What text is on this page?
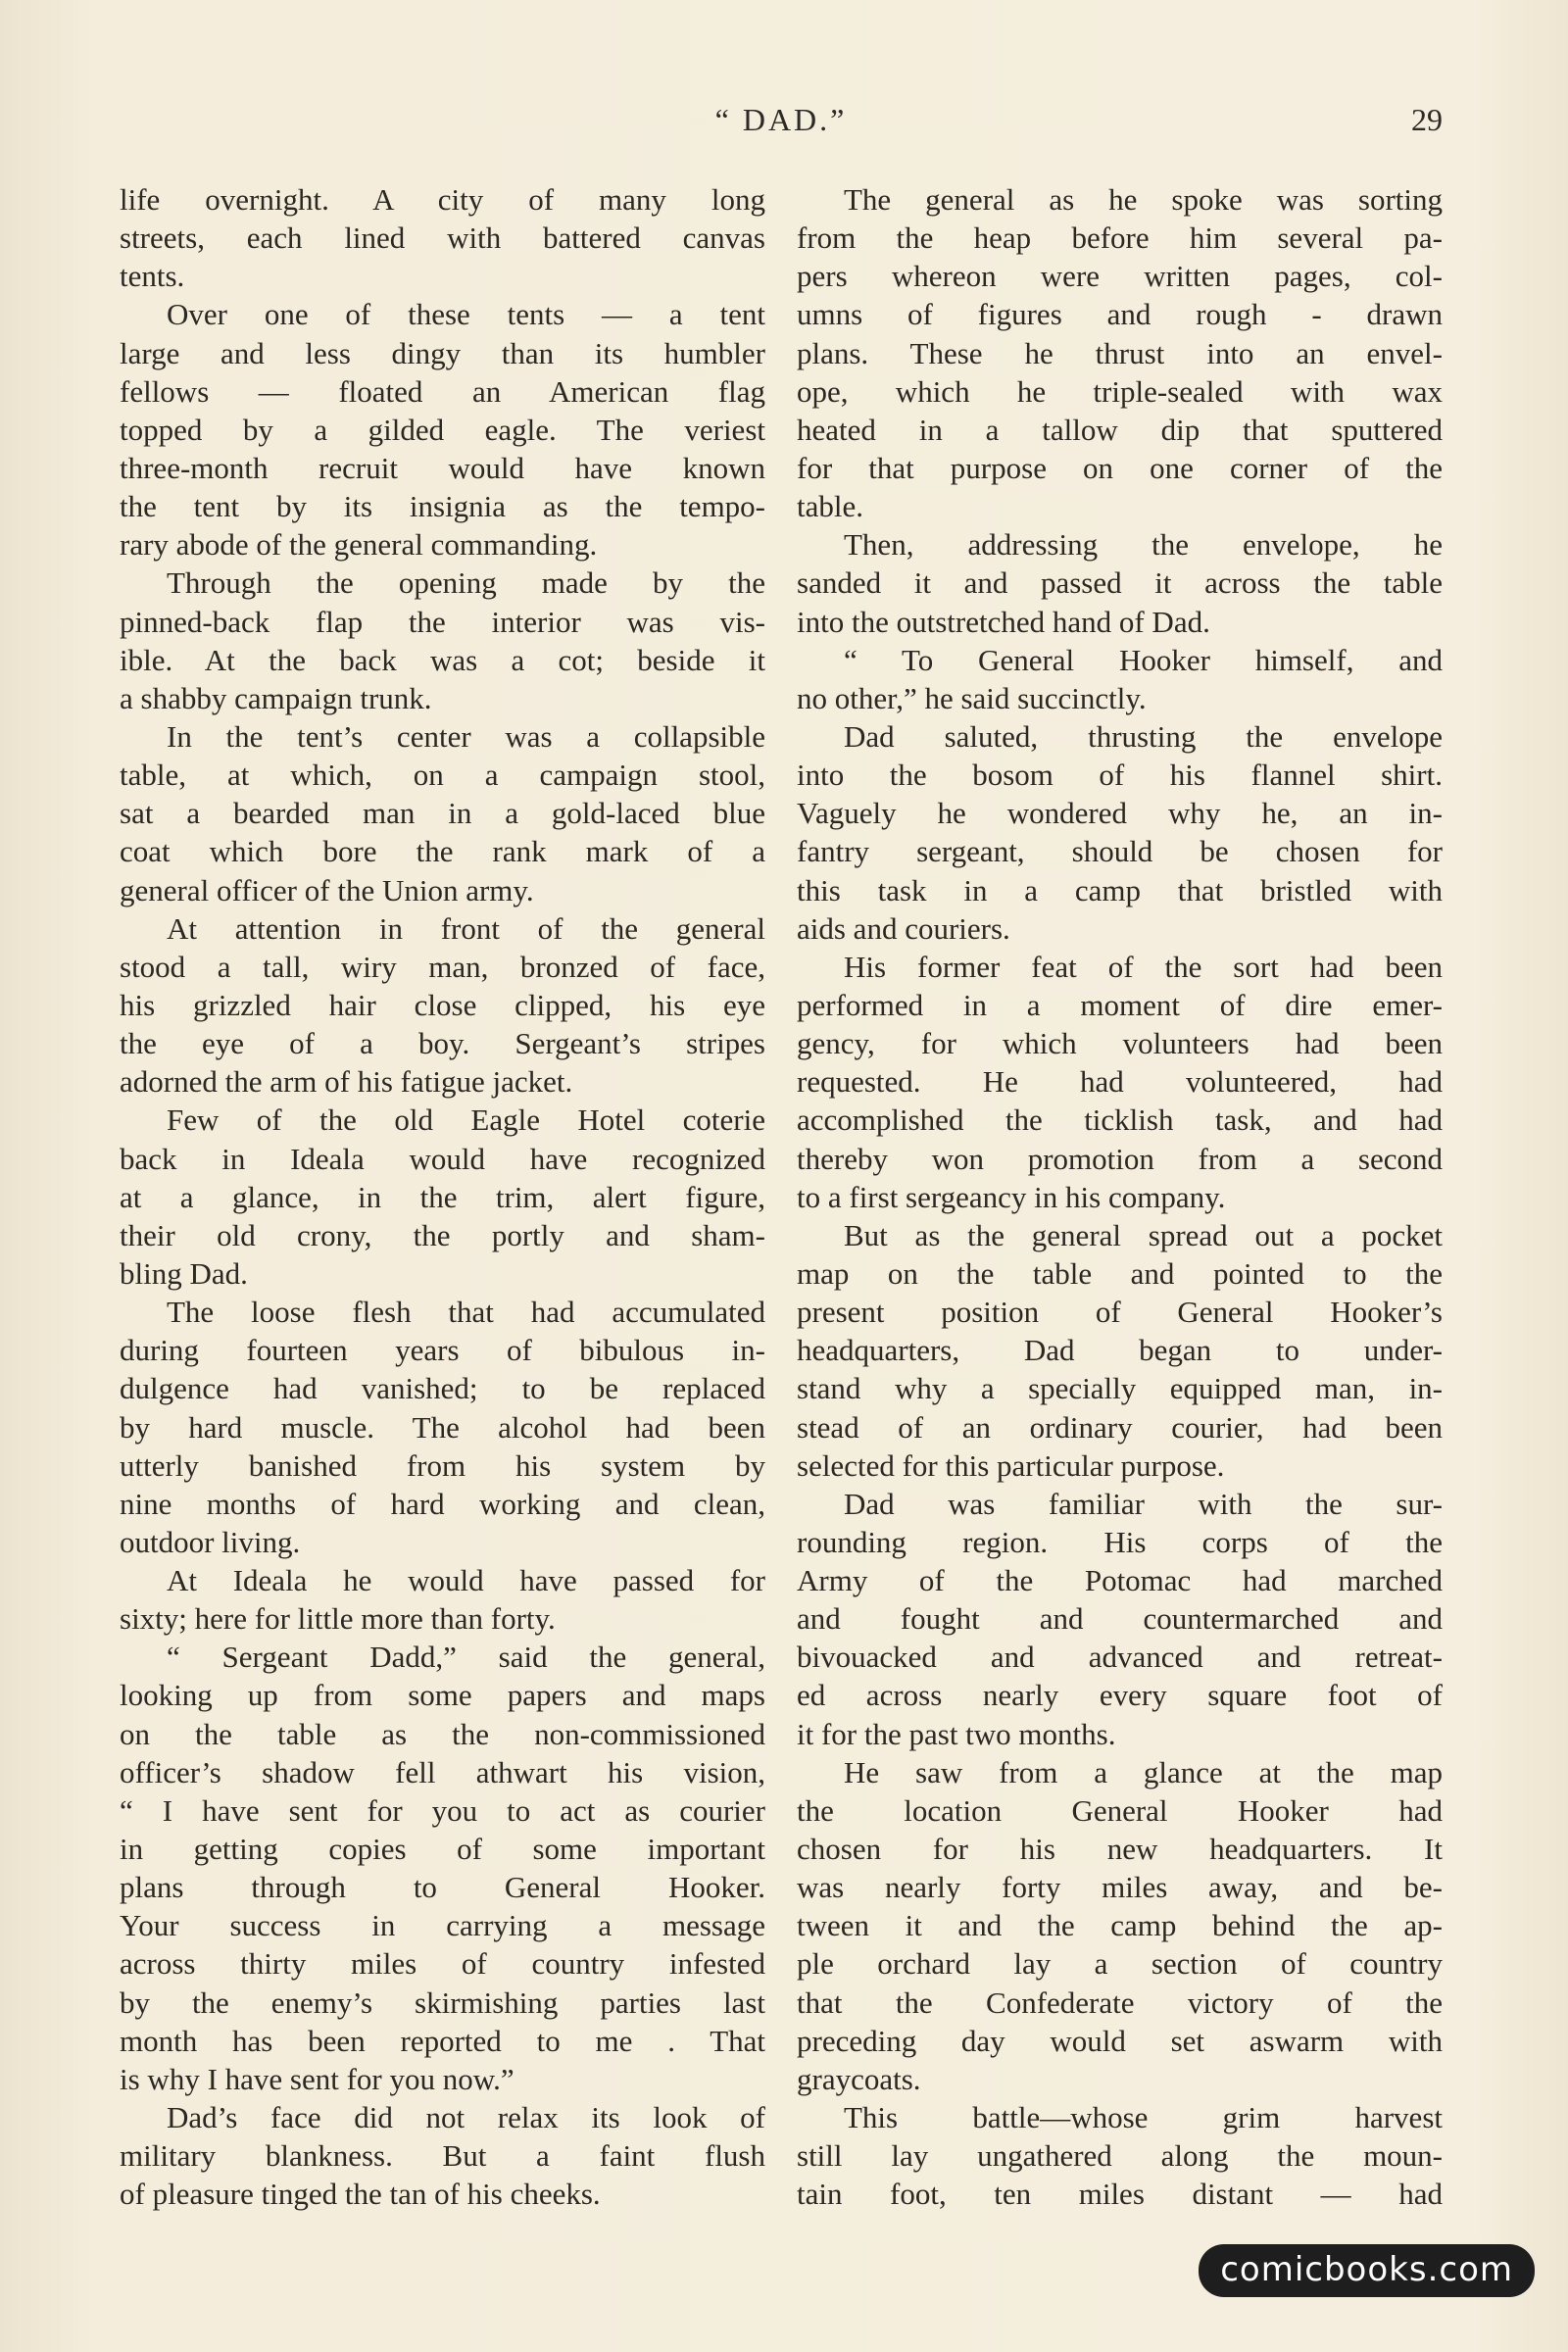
“ DAD.”	29
life overnight. A city of many long
streets, each lined with battered canvas
tents.
Over one of these tents — a tent
large and less dingy than its humbler
fellows — floated an American flag
topped by a gilded eagle. The veriest
three-month recruit would have known
the tent by its insignia as the tempo-
rary abode of the general commanding.
Through the opening made by the
pinned-back flap the interior was vis-
ible. At the back was a cot; beside it
a shabby campaign trunk.
In the tent’s center was a collapsible
table, at which, on a campaign stool,
sat a bearded man in a gold-laced blue
coat which bore the rank mark of a
general officer of the Union army.
At attention in front of the general
stood a tall, wiry man, bronzed of face,
his grizzled hair close clipped, his eye
the eye of a boy. Sergeant’s stripes
adorned the arm of his fatigue jacket.
Few of the old Eagle Hotel coterie
back in Ideala would have recognized
at a glance, in the trim, alert figure,
their old crony, the portly and sham-
bling Dad.
The loose flesh that had accumulated
during fourteen years of bibulous in-
dulgence had vanished; to be replaced
by hard muscle. The alcohol had been
utterly banished from his system by
nine months of hard working and clean,
outdoor living.
At Ideala he would have passed for
sixty; here for little more than forty.
“ Sergeant Dadd,” said the general,
looking up from some papers and maps
on the table as the non-commissioned
officer’s shadow fell athwart his vision,
“ I have sent for you to act as courier
in getting copies of some important
plans through to General Hooker.
Your success in carrying a message
across thirty miles of country infested
by the enemy’s skirmishing parties last
month has been reported to me . That
is why I have sent for you now.”
Dad’s face did not relax its look of
military blankness. But a faint flush
of pleasure tinged the tan of his cheeks.
The general as he spoke was sorting
from the heap before him several pa-
pers whereon were written pages, col-
umns of figures and rough - drawn
plans. These he thrust into an envel-
ope, which he triple-sealed with wax
heated in a tallow dip that sputtered
for that purpose on one corner of the
table.
Then, addressing the envelope, he
sanded it and passed it across the table
into the outstretched hand of Dad.
“ To General Hooker himself, and
no other,” he said succinctly.
Dad saluted, thrusting the envelope
into the bosom of his flannel shirt.
Vaguely he wondered why he, an in-
fantry sergeant, should be chosen for
this task in a camp that bristled with
aids and couriers.
His former feat of the sort had been
performed in a moment of dire emer-
gency, for which volunteers had been
requested. He had volunteered, had
accomplished the ticklish task, and had
thereby won promotion from a second
to a first sergeancy in his company.
But as the general spread out a pocket
map on the table and pointed to the
present position of General Hooker’s
headquarters, Dad began to under-
stand why a specially equipped man, in-
stead of an ordinary courier, had been
selected for this particular purpose.
Dad was familiar with the sur-
rounding region. His corps of the
Army of the Potomac had marched
and fought and countermarched and
bivouacked and advanced and retreat-
ed across nearly every square foot of
it for the past two months.
He saw from a glance at the map
the location General Hooker had
chosen for his new headquarters. It
was nearly forty miles away, and be-
tween it and the camp behind the ap-
ple orchard lay a section of country
that the Confederate victory of the
preceding day would set aswarm with
graycoats.
This battle—whose grim harvest
still lay ungathered along the moun-
tain foot, ten miles distant — had
comicbooks.com
